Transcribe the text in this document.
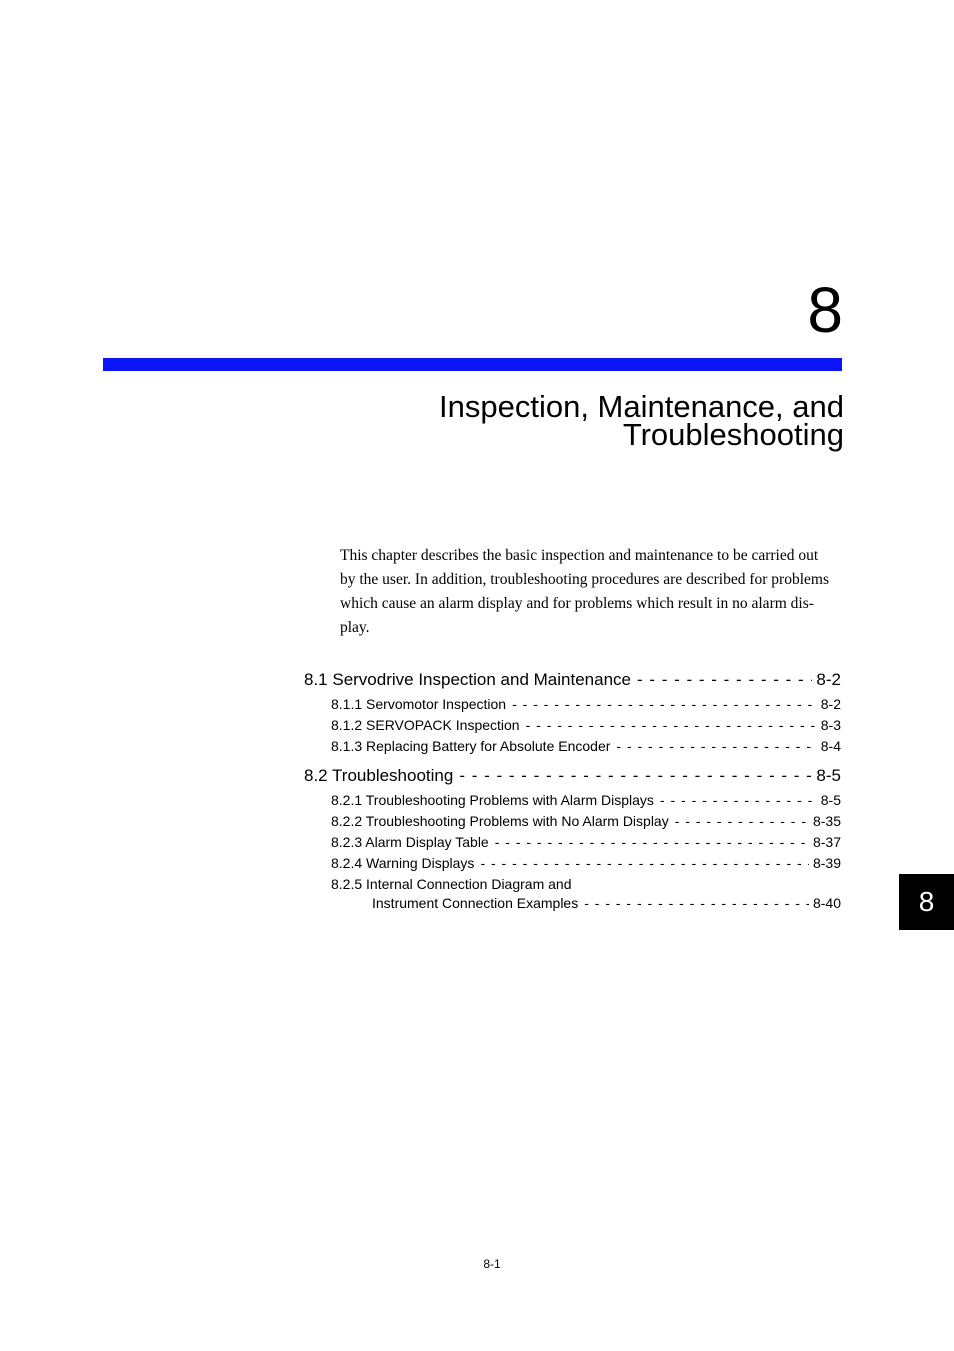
8
Inspection, Maintenance, and
Troubleshooting
This chapter describes the basic inspection and maintenance to be carried out
by the user. In addition, troubleshooting procedures are described for problems
which cause an alarm display and for problems which result in no alarm dis-
play.
8.1 Servodrive Inspection and Maintenance - - -	8-2
8.1.1 Servomotor Inspection - - -	8-2
8.1.2 SERVOPACK Inspection - - -	8-3
8.1.3 Replacing Battery for Absolute Encoder - - -	8-4
8.2 Troubleshooting - - -	8-5
8.2.1 Troubleshooting Problems with Alarm Displays - - -	8-5
8.2.2 Troubleshooting Problems with No Alarm Display - - -	8-35
8.2.3 Alarm Display Table - - -	8-37
8.2.4 Warning Displays - - -	8-39
8.2.5 Internal Connection Diagram and
Instrument Connection Examples - - -	8-40	8
8-1
